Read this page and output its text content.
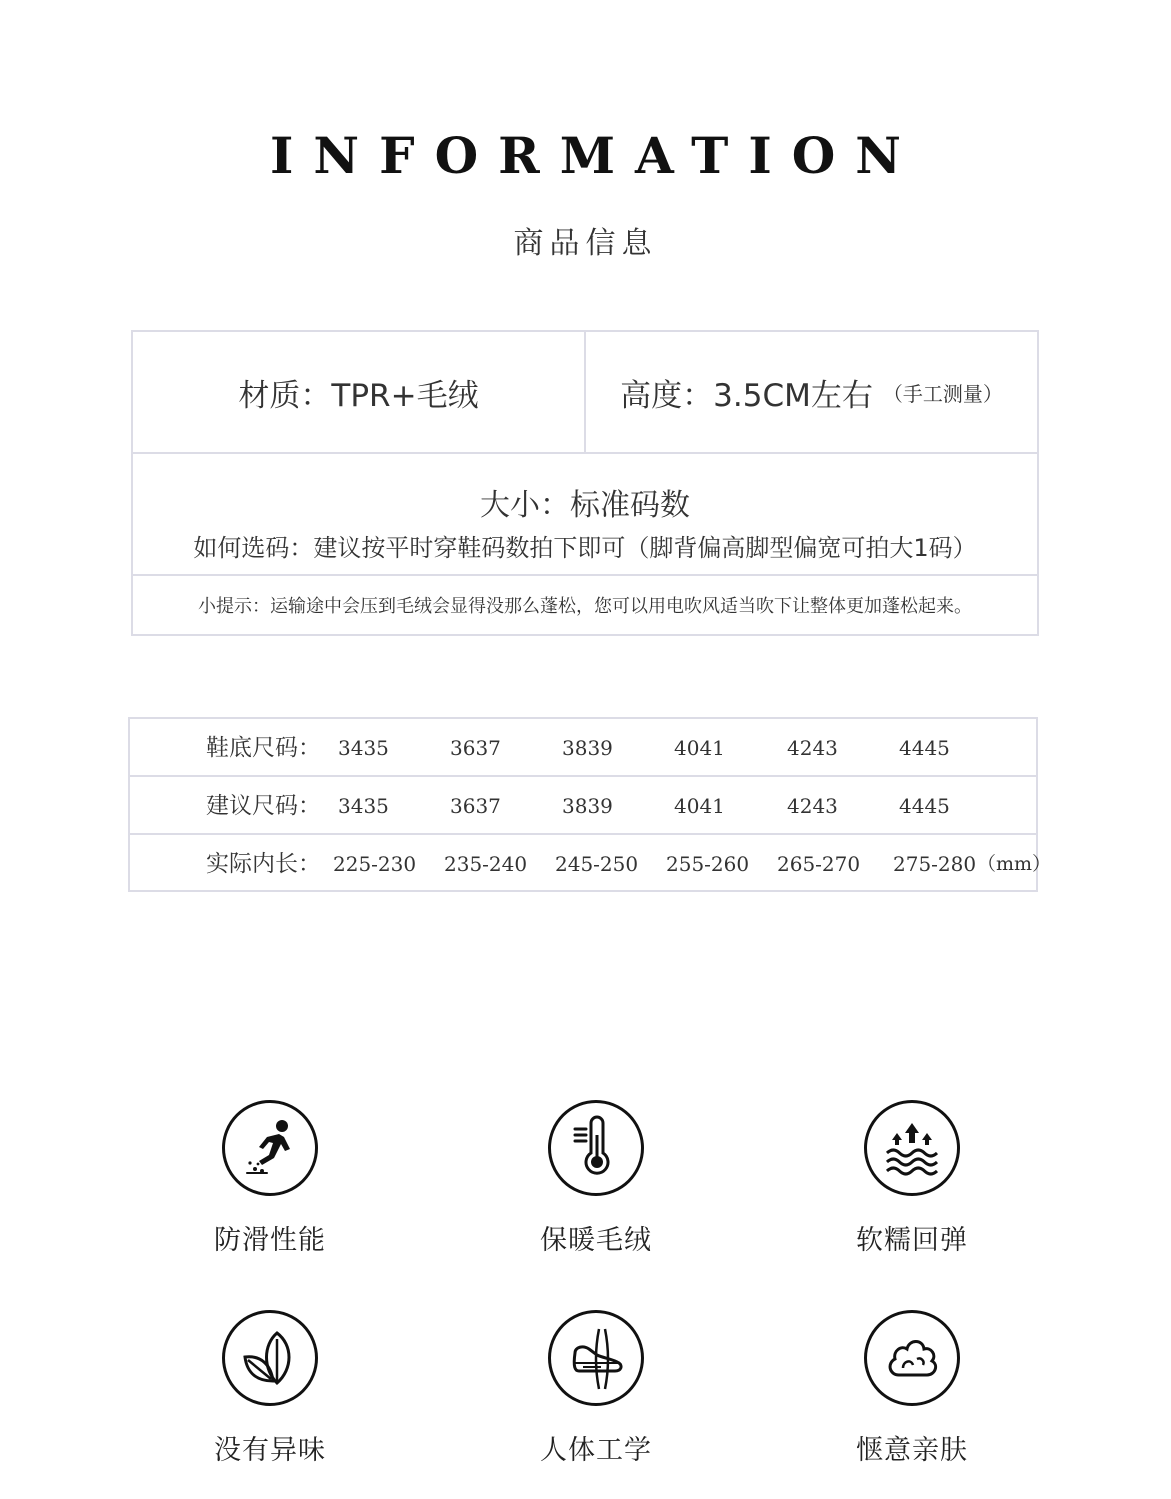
INFORMATION
商品信息
材质：TPR+毛绒	高度：3.5CM左右 （手工测量）
大小：标准码数
如何选码：建议按平时穿鞋码数拍下即可（脚背偏高脚型偏宽可拍大1码）
小提示：运输途中会压到毛绒会显得没那么蓬松，您可以用电吹风适当吹下让整体更加蓬松起来。
鞋底尺码： 3435	3637	3839	4041	4243	4445
建议尺码： 3435	3637	3839	4041	4243	4445
实际内长： 225-230 235-240 245-250 255-260 265-270 275-280 （mm）
防滑性能	保暖毛绒	软糯回弹
没有异味	人体工学	惬意亲肤
